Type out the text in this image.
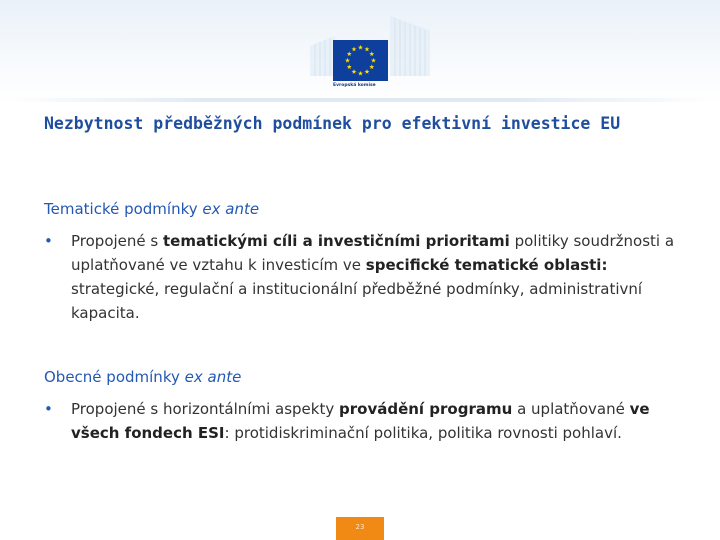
Evropská komise
Nezbytnost předběžných podmínek pro efektivní investice EU
Tematické podmínky ex ante
• Propojené s tematickými cíli a investičními prioritami politiky soudržnosti a uplatňované ve vztahu k investicím ve specifické tematické oblasti: strategické, regulační a institucionální předběžné podmínky, administrativní kapacita.
Obecné podmínky ex ante
• Propojené s horizontálními aspekty provádění programu a uplatňované ve všech fondech ESI: protidiskriminační politika, politika rovnosti pohlaví.
23
